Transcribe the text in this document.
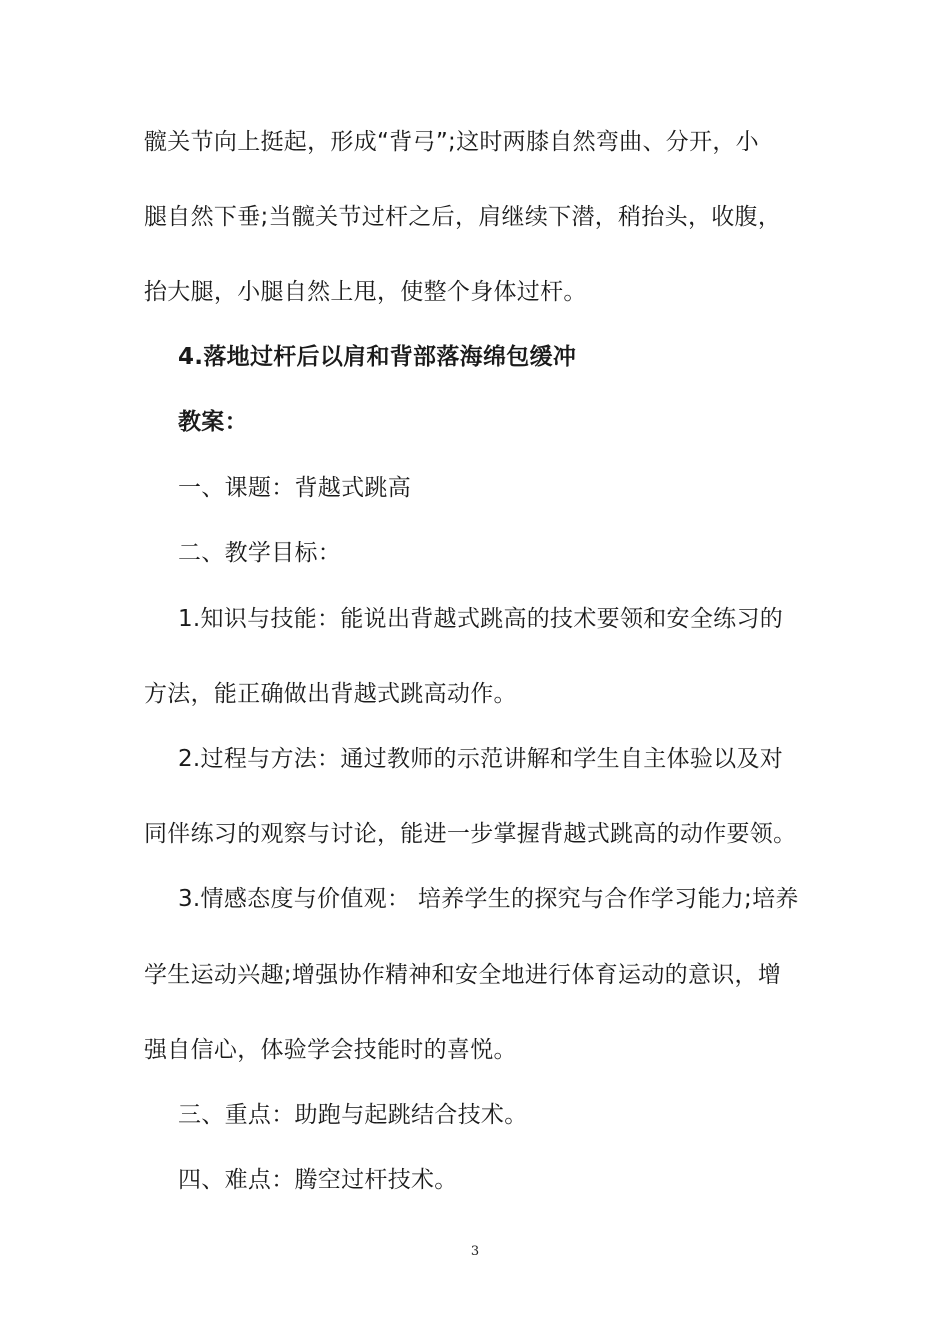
髋关节向上挺起，形成“背弓”;这时两膝自然弯曲、分开，小
腿自然下垂;当髋关节过杆之后，肩继续下潜，稍抬头，收腹，
抬大腿，小腿自然上甩，使整个身体过杆。
4.落地过杆后以肩和背部落海绵包缓冲
教案：
一、课题：背越式跳高
二、教学目标：
1.知识与技能：能说出背越式跳高的技术要领和安全练习的
方法，能正确做出背越式跳高动作。
2.过程与方法：通过教师的示范讲解和学生自主体验以及对
同伴练习的观察与讨论，能进一步掌握背越式跳高的动作要领。
3.情感态度与价值观： 培养学生的探究与合作学习能力;培养
学生运动兴趣;增强协作精神和安全地进行体育运动的意识，增
强自信心，体验学会技能时的喜悦。
三、重点：助跑与起跳结合技术。
四、难点：腾空过杆技术。
3
